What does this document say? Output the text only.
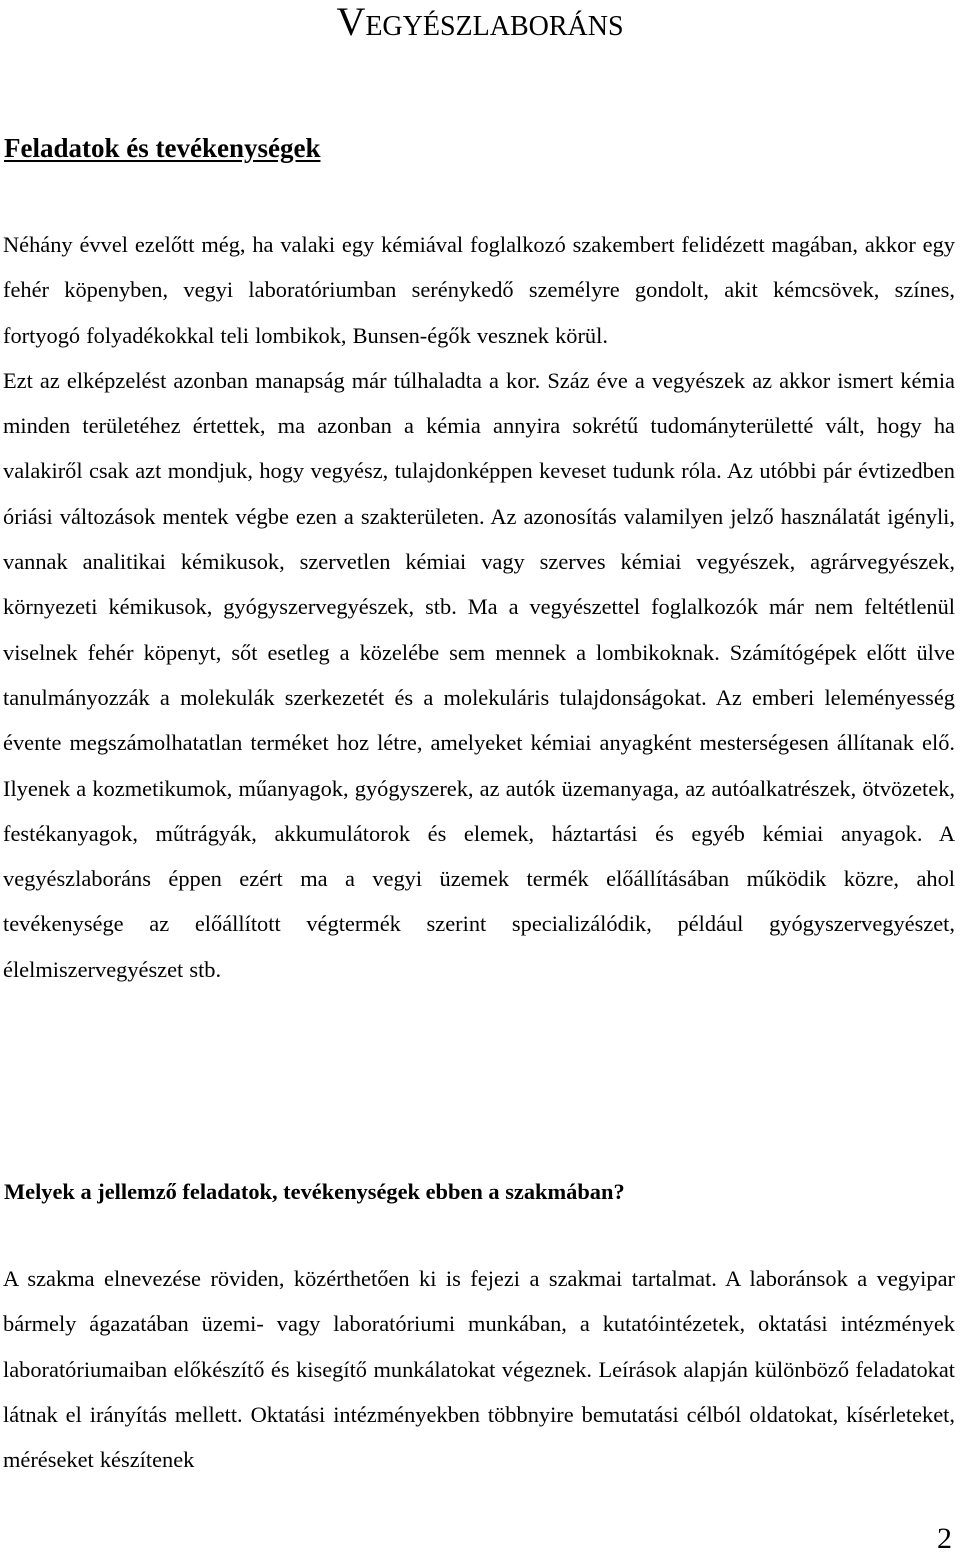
Vegyészlaboráns
Feladatok és tevékenységek
Néhány évvel ezelőtt még, ha valaki egy kémiával foglalkozó szakembert felidézett magában, akkor egy fehér köpenyben, vegyi laboratóriumban serénykedő személyre gondolt, akit kémcsövek, színes, fortyogó folyadékokkal teli lombikok, Bunsen-égők vesznek körül.
Ezt az elképzelést azonban manapság már túlhaladta a kor. Száz éve a vegyészek az akkor ismert kémia minden területéhez értettek, ma azonban a kémia annyira sokrétű tudományterületté vált, hogy ha valakiről csak azt mondjuk, hogy vegyész, tulajdonképpen keveset tudunk róla. Az utóbbi pár évtizedben óriási változások mentek végbe ezen a szakterületen. Az azonosítás valamilyen jelző használatát igényli, vannak analitikai kémikusok, szervetlen kémiai vagy szerves kémiai vegyészek, agrárvegyészek, környezeti kémikusok, gyógyszervegyészek, stb. Ma a vegyészettel foglalkozók már nem feltétlenül viselnek fehér köpenyt, sőt esetleg a közelébe sem mennek a lombikoknak. Számítógépek előtt ülve tanulmányozzák a molekulák szerkezetét és a molekuláris tulajdonságokat. Az emberi leleményesség évente megszámolhatatlan terméket hoz létre, amelyeket kémiai anyagként mesterségesen állítanak elő. Ilyenek a kozmetikumok, műanyagok, gyógyszerek, az autók üzemanyaga, az autóalkatrészek, ötvözetek, festékanyagok, műtrágyák, akkumulátorok és elemek, háztartási és egyéb kémiai anyagok. A vegyészlaboráns éppen ezért ma a vegyi üzemek termék előállításában működik közre, ahol tevékenysége az előállított végtermék szerint specializálódik, például gyógyszervegyészet, élelmiszervegyészet stb.

Melyek a jellemző feladatok, tevékenységek ebben a szakmában?

A szakma elnevezése röviden, közérthetően ki is fejezi a szakmai tartalmat. A laboránsok a vegyipar bármely ágazatában üzemi- vagy laboratóriumi munkában, a kutatóintézetek, oktatási intézmények laboratóriumaiban előkészítő és kisegítő munkálatokat végeznek. Leírások alapján különböző feladatokat látnak el irányítás mellett. Oktatási intézményekben többnyire bemutatási célból oldatokat, kísérleteket, méréseket készítenek

2
